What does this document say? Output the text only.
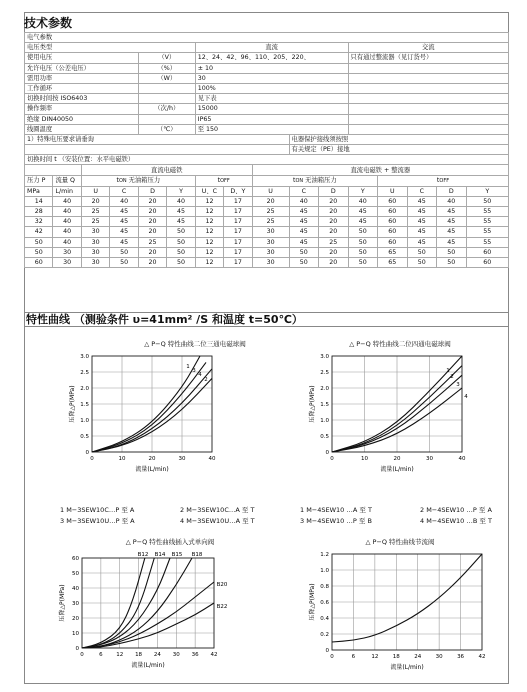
技术参数
电气参数															
电压类型						直流					交流				
使用电压				（V）		12、24、42、96、110、205、220、					只有通过整流器（见订货号）				
允许电压（公差电压）				（%）		± 10									
需用功率				（W）		30									
工作循环						100%									
切换时间按 ISO6403						见下表									
操作频率				（次/h）		15000									
绝缘 DIN40050						IP65									
线圈温度				（℃）		至 150									
1）特殊电压要求请垂询									电器保护接线须按照						
									有关规定（PE）接地						
切换时间 t （安装位置：水平电磁铁）															
		直流电磁铁						直流电磁铁 + 整流器							
压力 P	流量 Q	tON 无油箱压力				tOFF		tON 无油箱压力				tOFF			
MPa	L/min	U	C	D	Y	U、C	D、Y	U	C	D	Y	U	C	D	Y
14	40	20	40	20	40	12	17	20	40	20	40	60	45	40	50
28	40	25	45	20	45	12	17	25	45	20	45	60	45	45	55
32	40	25	45	20	45	12	17	25	45	20	45	60	45	45	55
42	40	30	45	20	50	12	17	30	45	20	50	60	45	45	55
50	40	30	45	25	50	12	17	30	45	25	50	60	45	45	55
50	30	30	50	20	50	12	17	30	50	20	50	65	50	50	60
60	30	30	50	20	50	12	17	30	50	20	50	65	50	50	60
特性曲线 （测验条件 υ=41mm² /S 和温度 t=50℃）
△ P−Q 特性曲线二位三通电磁球阀
0	10	20	30	40
3.0
2.5
2.0
1.5
1.0
0.5
0
1
3
4
2
压降△P(MPa)
流量(L/min)
△ P−Q 特性曲线二位四通电磁球阀
0	10	20	30	40
3.0
2.5
2.0
1.5
1.0
0.5
0
1
2
3
4
压降△P(MPa)
流量(L/min)
1 M−3SEW10C…P 至 A	2 M−3SEW10C…A 至 T
3 M−3SEW10U…P 至 A	4 M−3SEW10U…A 至 T
1 M−4SEW10 …A 至 T	2 M−4SEW10 …P 至 A
3 M−4SEW10 …P 至 B	4 M−4SEW10 …B 至 T
△ P−Q 特性曲线插入式单向阀
0	6 12 18 24 30 36 42
60
50
40
30
20
10
0
B12 B14 B15 B18
B20
B22
压降△P(MPa)
流量(L/min)
△ P−Q 特性曲线节流阀
0	6	12	18	24	30	36	42
1.2
1.0
0.8
0.6
0.4
0.2
0
压降△P(MPa)
流量(L/min)
